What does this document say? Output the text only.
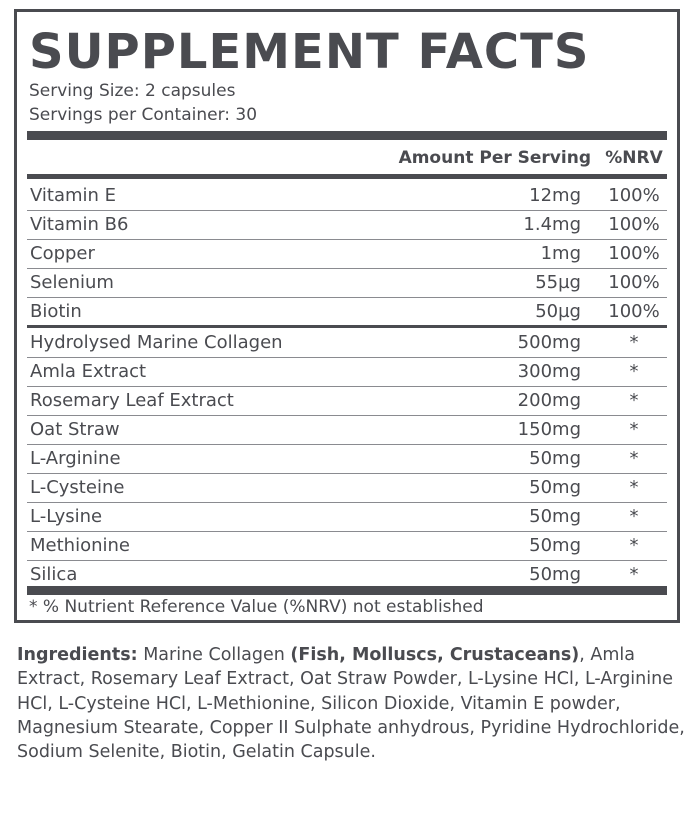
SUPPLEMENT FACTS
Serving Size: 2 capsules
Servings per Container: 30
Amount Per Serving %NRV
Vitamin E	12mg	100%
Vitamin B6	1.4mg	100%
Copper	1mg	100%
Selenium	55µg	100%
Biotin	50µg	100%
Hydrolysed Marine Collagen	500mg	*
Amla Extract	300mg	*
Rosemary Leaf Extract	200mg	*
Oat Straw	150mg	*
L-Arginine	50mg	*
L-Cysteine	50mg	*
L-Lysine	50mg	*
Methionine	50mg	*
Silica	50mg	*
* % Nutrient Reference Value (%NRV) not established
Ingredients: Marine Collagen (Fish, Molluscs, Crustaceans), Amla Extract, Rosemary Leaf Extract, Oat Straw Powder, L-Lysine HCl, L-Arginine HCl, L-Cysteine HCl, L-Methionine, Silicon Dioxide, Vitamin E powder, Magnesium Stearate, Copper II Sulphate anhydrous, Pyridine Hydrochloride, Sodium Selenite, Biotin, Gelatin Capsule.
